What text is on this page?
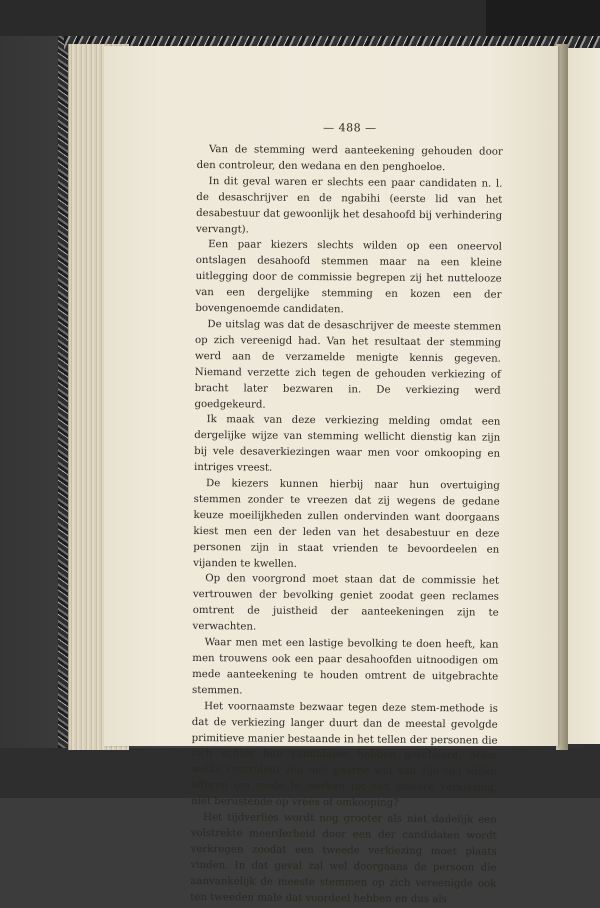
— 488 —

Van de stemming werd aanteekening gehouden door den controleur, den wedana en den penghoeloe.

In dit geval waren er slechts een paar candidaten n. l. de desaschrijver en de ngabihi (eerste lid van het desabestuur dat gewoonlijk het desahoofd bij verhindering vervangt).

Een paar kiezers slechts wilden op een oneervol ontslagen desahoofd stemmen maar na een kleine uitlegging door de commissie begrepen zij het nuttelooze van een dergelijke stemming en kozen een der bovengenoemde candidaten.

De uitslag was dat de desaschrijver de meeste stemmen op zich vereenigd had. Van het resultaat der stemming werd aan de verzamelde menigte kennis gegeven. Niemand verzette zich tegen de gehouden verkiezing of bracht later bezwaren in. De verkiezing werd goedgekeurd.

Ik maak van deze verkiezing melding omdat een dergelijke wijze van stemming wellicht dienstig kan zijn bij vele desaverkiezingen waar men voor omkooping en intriges vreest.

De kiezers kunnen hierbij naar hun overtuiging stemmen zonder te vreezen dat zij wegens de gedane keuze moeilijkheden zullen ondervinden want doorgaans kiest men een der leden van het desabestuur en deze personen zijn in staat vrienden te bevoordeelen en vijanden te kwellen.

Op den voorgrond moet staan dat de commissie het vertrouwen der bevolking geniet zoodat geen reclames omtrent de juistheid der aanteekeningen zijn te verwachten.

Waar men met een lastige bevolking te doen heeft, kan men trouwens ook een paar desahoofden uitnoodigen om mede aanteekening te houden omtrent de uitgebrachte stemmen.

Het voornaamste bezwaar tegen deze stem-methode is dat de verkiezing langer duurt dan de meestal gevolgde primitieve manier bestaande in het tellen der personen die zich achter hun candidaten hebben geschaard. Maar welke controleur zou niet gaarne wat van zijn tijd willen offeren om mede te werken tot een zuivere verkiezing, niet berustende op vrees of omkooping?

Het tijdverlies wordt nog grooter als niet dadelijk een volstrekte meerderheid door een der candidaten wordt verkregen zoodat een tweede verkiezing moet plaats vinden. In dat geval zal wel doorgaans de persoon die aanvankelijk de meeste stemmen op zich vereenigde ook ten tweeden male dat voordeel hebben en dus als
